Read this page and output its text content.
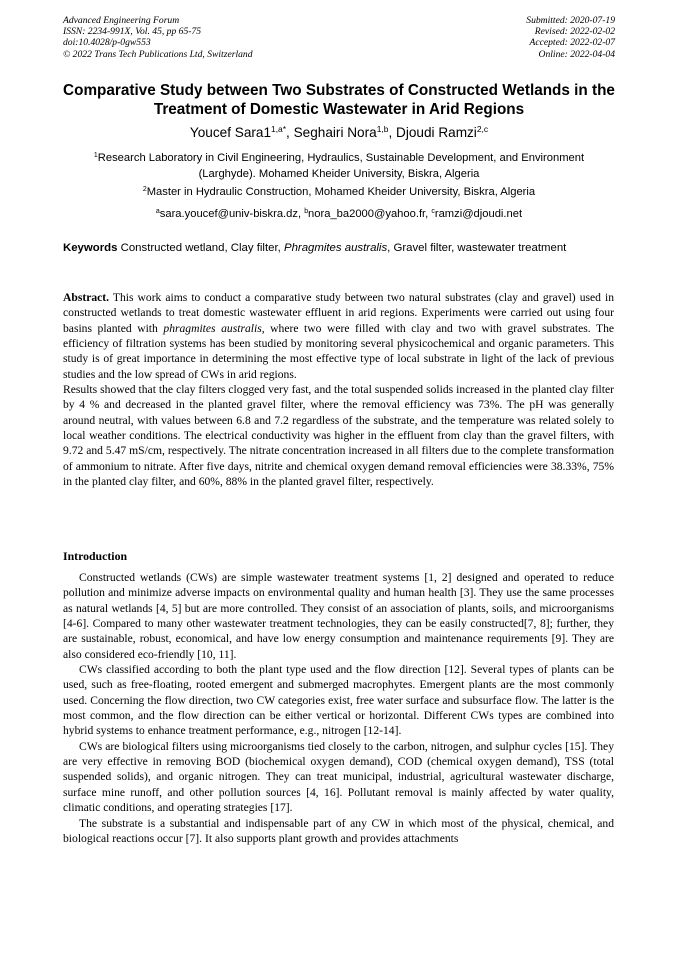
Advanced Engineering Forum
ISSN: 2234-991X, Vol. 45, pp 65-75
doi:10.4028/p-0gw553
© 2022 Trans Tech Publications Ltd, Switzerland
Submitted: 2020-07-19
Revised: 2022-02-02
Accepted: 2022-02-07
Online: 2022-04-04
Comparative Study between Two Substrates of Constructed Wetlands in the Treatment of Domestic Wastewater in Arid Regions
Youcef $Sara1^{1,a*}$, Seghairi Nora$^{1,b}$, Djoudi Ramzi$^{2,c}$
$^1$Research Laboratory in Civil Engineering, Hydraulics, Sustainable Development, and Environment (Larghyde). Mohamed Kheider University, Biskra, Algeria
$^2$Master in Hydraulic Construction, Mohamed Kheider University, Biskra, Algeria
$^a$sara.youcef@univ-biskra.dz, $^b$nora_ba2000@yahoo.fr, $^c$ramzi@djoudi.net
Keywords Constructed wetland, Clay filter, Phragmites australis, Gravel filter, wastewater treatment

Abstract. This work aims to conduct a comparative study between two natural substrates (clay and gravel) used in constructed wetlands to treat domestic wastewater effluent in arid regions. Experiments were carried out using four basins planted with phragmites australis, where two were filled with clay and two with gravel substrates. The efficiency of filtration systems has been studied by monitoring several physicochemical and organic parameters. This study is of great importance in determining the most effective type of local substrate in light of the lack of previous studies and the low spread of CWs in arid regions.

Results showed that the clay filters clogged very fast, and the total suspended solids increased in the planted clay filter by 4 % and decreased in the planted gravel filter, where the removal efficiency was 73%. The pH was generally around neutral, with values between 6.8 and 7.2 regardless of the substrate, and the temperature was related solely to local weather conditions. The electrical conductivity was higher in the effluent from clay than the gravel filters, with 9.72 and 5.47 mS/cm, respectively. The nitrate concentration increased in all filters due to the complete transformation of ammonium to nitrate. After five days, nitrite and chemical oxygen demand removal efficiencies were 38.33%, 75% in the planted clay filter, and 60%, 88% in the planted gravel filter, respectively.

Introduction

Constructed wetlands (CWs) are simple wastewater treatment systems [1, 2] designed and operated to reduce pollution and minimize adverse impacts on environmental quality and human health [3]. They use the same processes as natural wetlands [4, 5] but are more controlled. They consist of an association of plants, soils, and microorganisms [4-6]. Compared to many other wastewater treatment technologies, they can be easily constructed[7, 8]; further, they are sustainable, robust, economical, and have low energy consumption and maintenance requirements [9]. They are also considered eco-friendly [10, 11].

CWs classified according to both the plant type used and the flow direction [12]. Several types of plants can be used, such as free-floating, rooted emergent and submerged macrophytes. Emergent plants are the most commonly used. Concerning the flow direction, two CW categories exist, free water surface and subsurface flow. The latter is the most common, and the flow direction can be either vertical or horizontal. Different CWs types are combined into hybrid systems to enhance treatment performance, e.g., nitrogen [12-14].

CWs are biological filters using microorganisms tied closely to the carbon, nitrogen, and sulphur cycles [15]. They are very effective in removing BOD (biochemical oxygen demand), COD (chemical oxygen demand), TSS (total suspended solids), and organic nitrogen. They can treat municipal, industrial, agricultural wastewater discharge, surface mine runoff, and other pollution sources [4, 16]. Pollutant removal is mainly affected by water quality, climatic conditions, and operating strategies [17].

The substrate is a substantial and indispensable part of any CW in which most of the physical, chemical, and biological reactions occur [7]. It also supports plant growth and provides attachments
